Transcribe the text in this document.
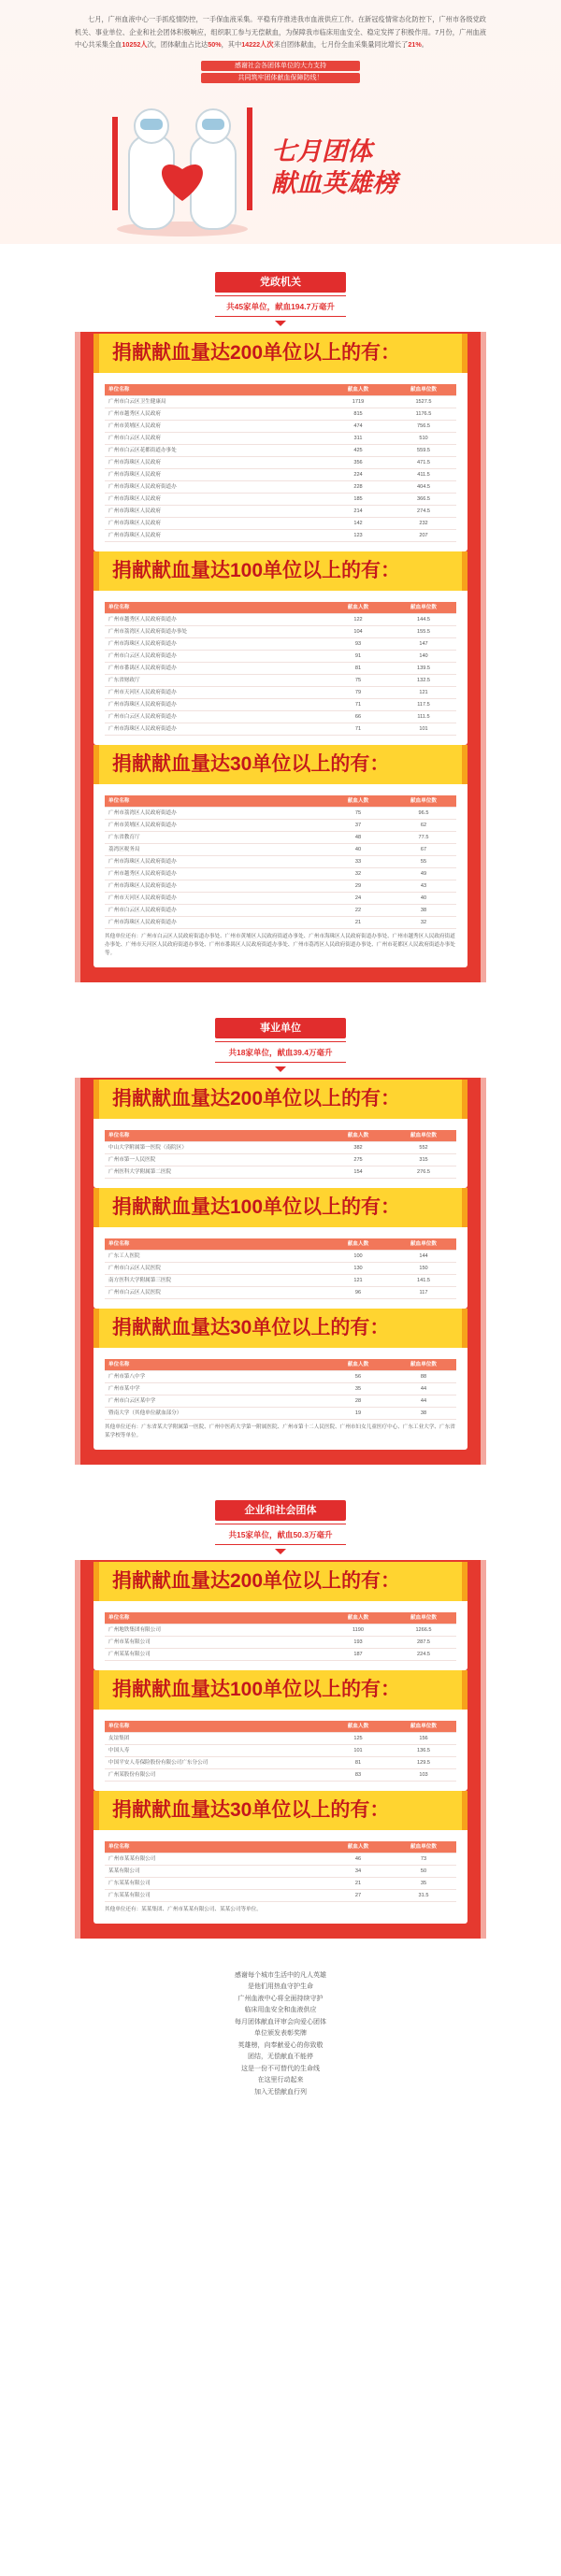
七月，广州血液中心一手抓疫情防控，一手保血液采集。平稳有序推进我市血液供应工作。在新冠疫情常态化防控下，广州市各级党政机关、事业单位、企业和社会团体积极响应，组织职工参与无偿献血，为保障我市临床用血安全、稳定发挥了积极作用。7月份，广州血液中心共采集全血10252人次，团体献血占比达50%，其中14222人次来自团体献血，七月份全血采集量同比增长了21%。

感谢社会各团体单位的大力支持
共同筑牢团体献血保障防线！
七月团体
献血英雄榜
党政机关
共45家单位，献血194.7万毫升
捐献献血量达200单位以上的有：
单位名称	献血人数	献血单位数
广州市白云区卫生健康局	1719	1527.5
广州市越秀区人民政府	815	1176.5
广州市黄埔区人民政府	474	756.5
广州市白云区人民政府	311	510
广州市白云区花都街道办事处	425	559.5
广州市海珠区人民政府	356	471.5
广州市海珠区人民政府	224	411.5
广州市海珠区人民政府街道办	228	404.5
广州市海珠区人民政府	185	366.5
广州市海珠区人民政府	214	274.5
广州市海珠区人民政府	142	232
广州市海珠区人民政府	123	207
捐献献血量达100单位以上的有：
单位名称	献血人数	献血单位数
广州市越秀区人民政府街道办	122	144.5
广州市荔湾区人民政府街道办事处	104	155.5
广州市海珠区人民政府街道办	93	147
广州市白云区人民政府街道办	91	140
广州市番禺区人民政府街道办	81	139.5
广东省财政厅	75	132.5
广州市天河区人民政府街道办	79	121
广州市海珠区人民政府街道办	71	117.5
广州市白云区人民政府街道办	66	111.5
广州市海珠区人民政府街道办	71	101
捐献献血量达30单位以上的有：
单位名称	献血人数	献血单位数
广州市荔湾区人民政府街道办	75	96.5
广州市黄埔区人民政府街道办	37	62
广东省教育厅	48	77.5
荔湾区税务局	40	67
广州市海珠区人民政府街道办	33	55
广州市越秀区人民政府街道办	32	49
广州市海珠区人民政府街道办	29	43
广州市天河区人民政府街道办	24	40
广州市白云区人民政府街道办	22	38
广州市海珠区人民政府街道办	21	32

其他单位还有：广州市白云区人民政府街道办事处、广州市黄埔区人民政府街道办事处、广州市海珠区人民政府街道办事处、广州市越秀区人民政府街道办事处、广州市天河区人民政府街道办事处、广州市番禺区人民政府街道办事处、广州市荔湾区人民政府街道办事处、广州市花都区人民政府街道办事处等。

事业单位
共18家单位，献血39.4万毫升
捐献献血量达200单位以上的有：
单位名称	献血人数	献血单位数
中山大学附属第一医院（南院区）	382	552
广州市第一人民医院	275	315
广州医科大学附属第二医院	154	276.5
捐献献血量达100单位以上的有：
单位名称	献血人数	献血单位数
广东工人医院	100	144
广州市白云区人民医院	130	150
南方医科大学附属第三医院	121	141.5
广州市白云区人民医院	96	117
捐献献血量达30单位以上的有：
单位名称	献血人数	献血单位数
广州市第八中学	56	88
广州市某中学	35	44
广州市白云区某中学	28	44
暨南大学（其他单位献血部分）	19	38

其他单位还有：广东省某大学附属第一医院、广州中医药大学第一附属医院、广州市第十二人民医院、广州市妇女儿童医疗中心、广东工业大学、广东省某学校等单位。

企业和社会团体
共15家单位，献血50.3万毫升
捐献献血量达200单位以上的有：
单位名称	献血人数	献血单位数
广州地铁集团有限公司	1190	1266.5
广州市某有限公司	193	287.5
广州某某有限公司	187	224.5
捐献献血量达100单位以上的有：
单位名称	献血人数	献血单位数
友谊集团	125	156
中国人寿	101	136.5
中国平安人寿保险股份有限公司广东分公司	81	129.5
广州某股份有限公司	83	103
捐献献血量达30单位以上的有：
单位名称	献血人数	献血单位数
广州市某某有限公司	46	73
某某有限公司	34	50
广东某某有限公司	21	35
广东某某有限公司	27	31.5

其他单位还有：某某集团、广州市某某有限公司、某某公司等单位。

感谢每个城市生活中的凡人英雄
是他们用热血守护生命
广州血液中心将全面持续守护
临床用血安全和血液供应
每月团体献血评审会向爱心团体
单位颁发表彰奖牌
英雄榜，向奉献爱心的你致敬
团结，无偿献血不能停
这是一份不可替代的生命线
在这里行动起来
加入无偿献血行列
